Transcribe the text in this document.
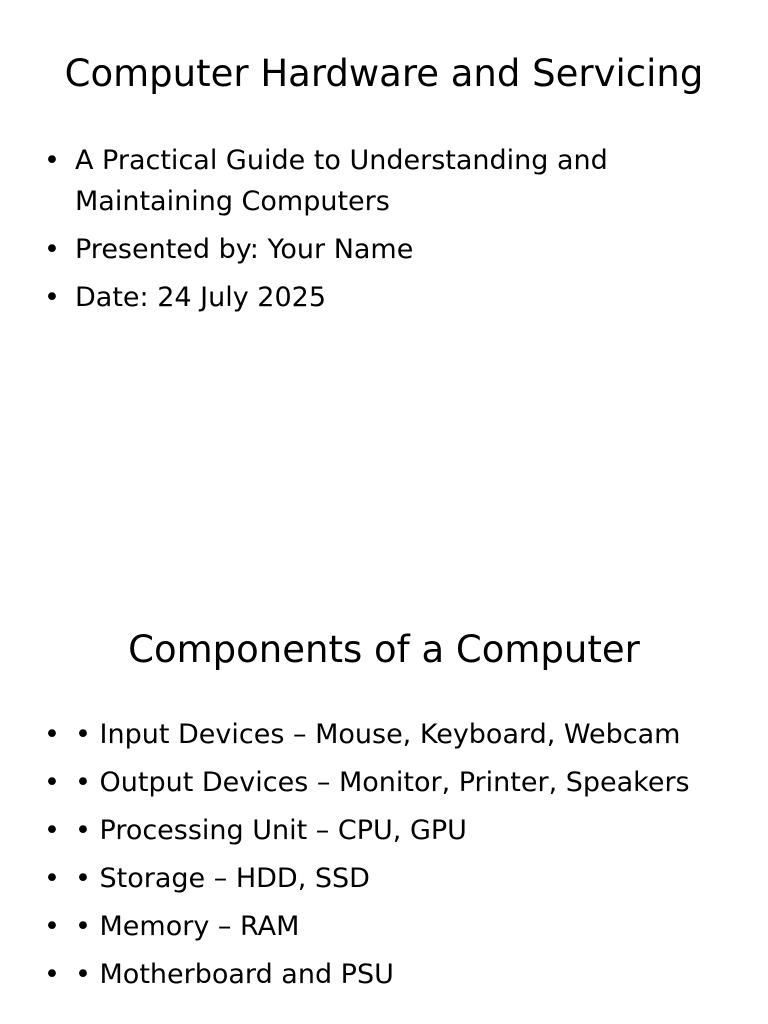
Computer Hardware and Servicing
• A Practical Guide to Understanding and Maintaining Computers
• Presented by: Your Name
• Date: 24 July 2025
Components of a Computer
• • Input Devices – Mouse, Keyboard, Webcam
• • Output Devices – Monitor, Printer, Speakers
• • Processing Unit – CPU, GPU
• • Storage – HDD, SSD
• • Memory – RAM
• • Motherboard and PSU
